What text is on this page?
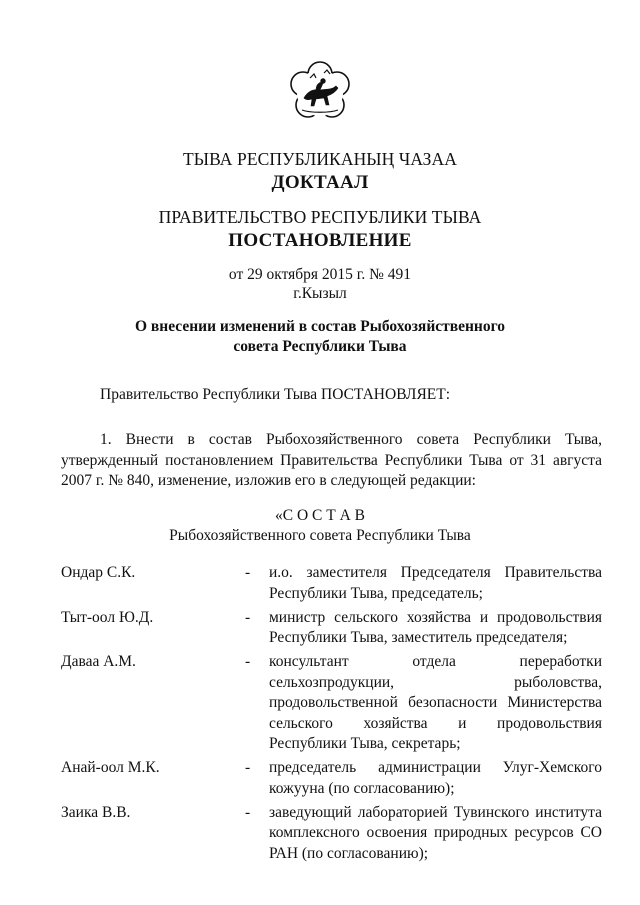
ТЫВА РЕСПУБЛИКАНЫҢ ЧАЗАА

ДОКТААЛ

ПРАВИТЕЛЬСТВО РЕСПУБЛИКИ ТЫВА

ПОСТАНОВЛЕНИЕ

от 29 октября 2015 г. № 491

г.Кызыл

О внесении изменений в состав Рыбохозяйственного

совета Республики Тыва

Правительство Республики Тыва ПОСТАНОВЛЯЕТ:

1. Внести в состав Рыбохозяйственного совета Республики Тыва, утвержденный постановлением Правительства Республики Тыва от 31 августа 2007 г. № 840, изменение, изложив его в следующей редакции:

«С О С Т А В

Рыбохозяйственного совета Республики Тыва

Ондар С.К.	-	и.о. заместителя Председателя Правительства Республики Тыва, председатель;
Тыт-оол Ю.Д.	-	министр сельского хозяйства и продовольствия Республики Тыва, заместитель председателя;
Даваа А.М.	-	консультант отдела переработки сельхозпродукции, рыболовства, продовольственной безопасности Министерства сельского хозяйства и продовольствия Республики Тыва, секретарь;
Анай-оол М.К.	-	председатель администрации Улуг-Хемского кожууна (по согласованию);
Заика В.В.	-	заведующий лабораторией Тувинского института комплексного освоения природных ресурсов СО РАН (по согласованию);
